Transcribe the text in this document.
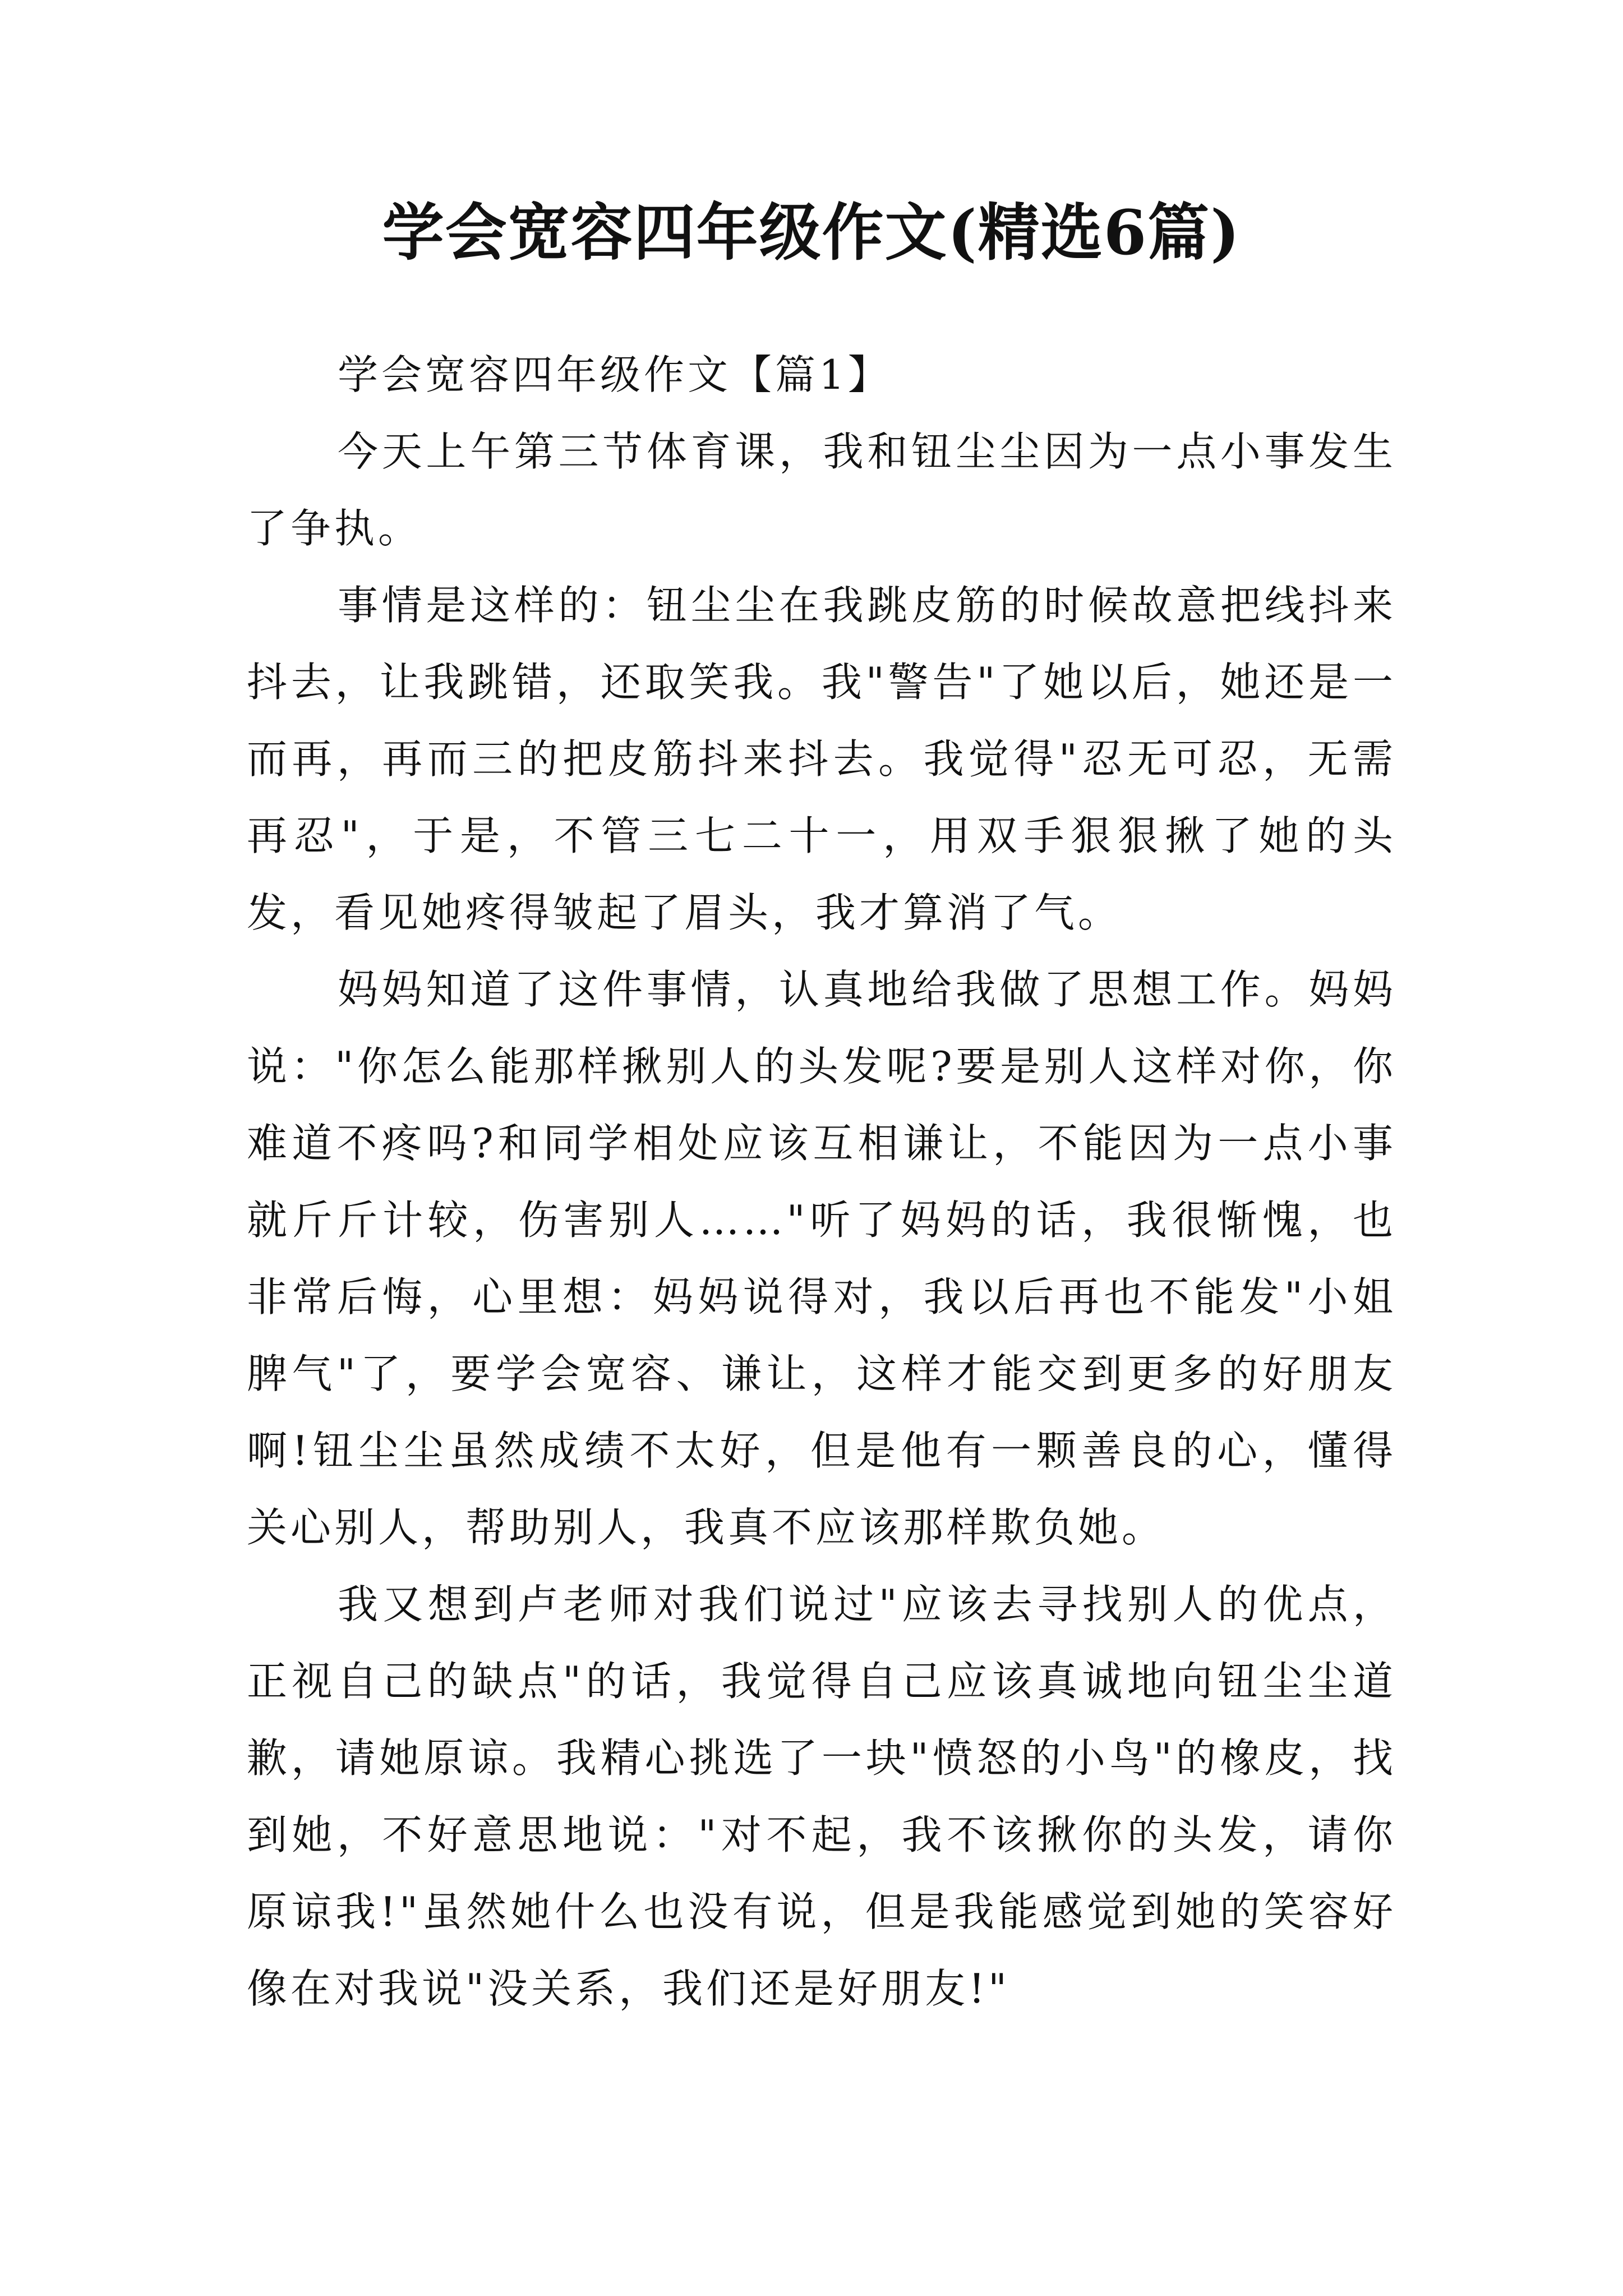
学会宽容四年级作文(精选6篇)

学会宽容四年级作文【篇1】

今天上午第三节体育课，我和钮尘尘因为一点小事发生了争执。

事情是这样的：钮尘尘在我跳皮筋的时候故意把线抖来抖去，让我跳错，还取笑我。我"警告"了她以后，她还是一而再，再而三的把皮筋抖来抖去。我觉得"忍无可忍，无需再忍"，于是，不管三七二十一，用双手狠狠揪了她的头发，看见她疼得皱起了眉头，我才算消了气。

妈妈知道了这件事情，认真地给我做了思想工作。妈妈说："你怎么能那样揪别人的头发呢?要是别人这样对你，你难道不疼吗?和同学相处应该互相谦让，不能因为一点小事就斤斤计较，伤害别人……"听了妈妈的话，我很惭愧，也非常后悔，心里想：妈妈说得对，我以后再也不能发"小姐脾气"了，要学会宽容、谦让，这样才能交到更多的好朋友啊!钮尘尘虽然成绩不太好，但是他有一颗善良的心，懂得关心别人，帮助别人，我真不应该那样欺负她。

我又想到卢老师对我们说过"应该去寻找别人的优点，正视自己的缺点"的话，我觉得自己应该真诚地向钮尘尘道歉，请她原谅。我精心挑选了一块"愤怒的小鸟"的橡皮，找到她，不好意思地说："对不起，我不该揪你的头发，请你原谅我!"虽然她什么也没有说，但是我能感觉到她的笑容好像在对我说"没关系，我们还是好朋友!"
